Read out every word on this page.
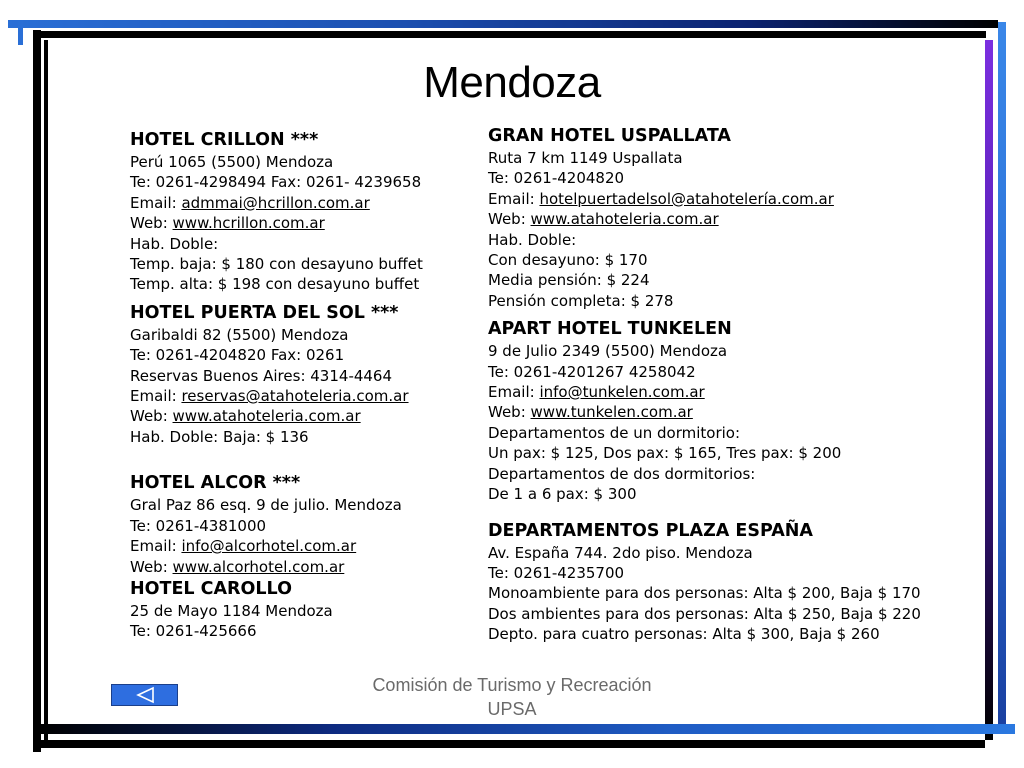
Mendoza
HOTEL CRILLON ***

Perú 1065 (5500) Mendoza

Te: 0261-4298494 Fax: 0261- 4239658

Email: admmai@hcrillon.com.ar

Web: www.hcrillon.com.ar

Hab. Doble:

Temp. baja: $ 180 con desayuno buffet

Temp. alta: $ 198 con desayuno buffet

HOTEL PUERTA DEL SOL ***

Garibaldi 82 (5500) Mendoza

Te: 0261-4204820 Fax: 0261

Reservas Buenos Aires: 4314-4464

Email: reservas@atahoteleria.com.ar

Web: www.atahoteleria.com.ar

Hab. Doble: Baja: $ 136

HOTEL ALCOR ***

Gral Paz 86 esq. 9 de julio. Mendoza

Te: 0261-4381000

Email: info@alcorhotel.com.ar

Web: www.alcorhotel.com.ar

HOTEL CAROLLO

25 de Mayo 1184 Mendoza

Te: 0261-425666

GRAN HOTEL USPALLATA

Ruta 7 km 1149 Uspallata

Te: 0261-4204820

Email: hotelpuertadelsol@atahotelería.com.ar

Web: www.atahoteleria.com.ar

Hab. Doble:

Con desayuno: $ 170

Media pensión: $ 224

Pensión completa: $ 278

APART HOTEL TUNKELEN

9 de Julio 2349 (5500) Mendoza

Te: 0261-4201267 4258042

Email: info@tunkelen.com.ar

Web: www.tunkelen.com.ar

Departamentos de un dormitorio:

Un pax: $ 125, Dos pax: $ 165, Tres pax: $ 200

Departamentos de dos dormitorios:

De 1 a 6 pax: $ 300

DEPARTAMENTOS PLAZA ESPAÑA

Av. España 744. 2do piso. Mendoza

Te: 0261-4235700

Monoambiente para dos personas: Alta $ 200, Baja $ 170

Dos ambientes para dos personas: Alta $ 250, Baja $ 220

Depto. para cuatro personas: Alta $ 300, Baja $ 260

Comisión de Turismo y Recreación
UPSA
